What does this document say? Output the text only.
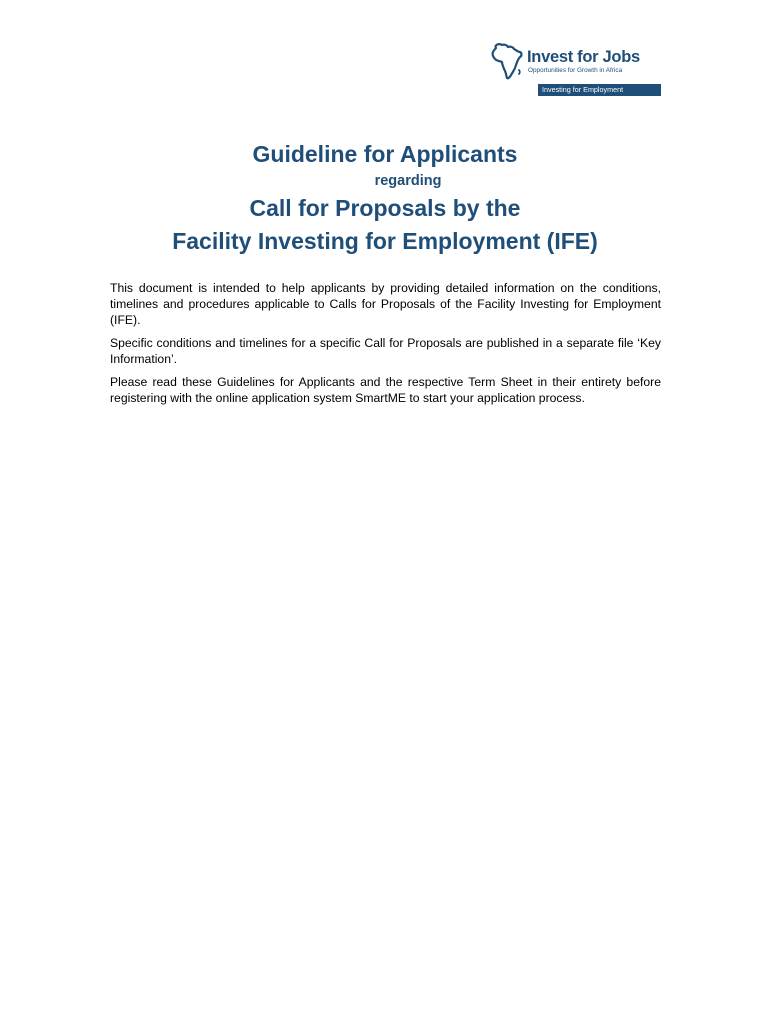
Invest for Jobs
Opportunities for Growth in Africa
Investing for Employment
Guideline for Applicants
regarding
Call for Proposals by the
Facility Investing for Employment (IFE)

This document is intended to help applicants by providing detailed information on the conditions, timelines and procedures applicable to Calls for Proposals of the Facility Investing for Employment (IFE).

Specific conditions and timelines for a specific Call for Proposals are published in a separate file ‘Key Information’.

Please read these Guidelines for Applicants and the respective Term Sheet in their entirety before registering with the online application system SmartME to start your application process.
